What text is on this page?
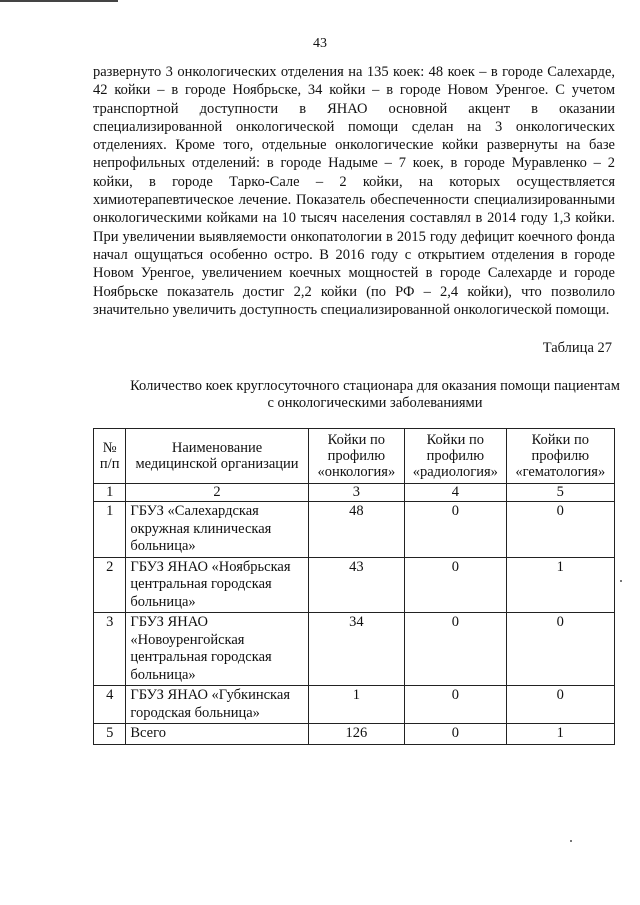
43

развернуто 3 онкологических отделения на 135 коек: 48 коек – в городе Салехарде, 42 койки – в городе Ноябрьске, 34 койки – в городе Новом Уренгое. С учетом транспортной доступности в ЯНАО основной акцент в оказании специализированной онкологической помощи сделан на 3 онкологических отделениях. Кроме того, отдельные онкологические койки развернуты на базе непрофильных отделений: в городе Надыме – 7 коек, в городе Муравленко – 2 койки, в городе Тарко-Сале – 2 койки, на которых осуществляется химиотерапевтическое лечение. Показатель обеспеченности специализированными онкологическими койками на 10 тысяч населения составлял в 2014 году 1,3 койки. При увеличении выявляемости онкопатологии в 2015 году дефицит коечного фонда начал ощущаться особенно остро. В 2016 году с открытием отделения в городе Новом Уренгое, увеличением коечных мощностей в городе Салехарде и городе Ноябрьске показатель достиг 2,2 койки (по РФ – 2,4 койки), что позволило значительно увеличить доступность специализированной онкологической помощи.

Таблица 27

Количество коек круглосуточного стационара для оказания помощи пациентам с онкологическими заболеваниями

№ п/п	Наименование медицинской организации	Койки по профилю «онкология»	Койки по профилю «радиология»	Койки по профилю «гематология»
1	2	3	4	5
1	ГБУЗ «Салехардская окружная клиническая больница»	48	0	0
2	ГБУЗ ЯНАО «Ноябрьская центральная городская больница»	43	0	1
3	ГБУЗ ЯНАО «Новоуренгойская центральная городская больница»	34	0	0
4	ГБУЗ ЯНАО «Губкинская городская больница»	1	0	0
5	Всего	126	0	1
